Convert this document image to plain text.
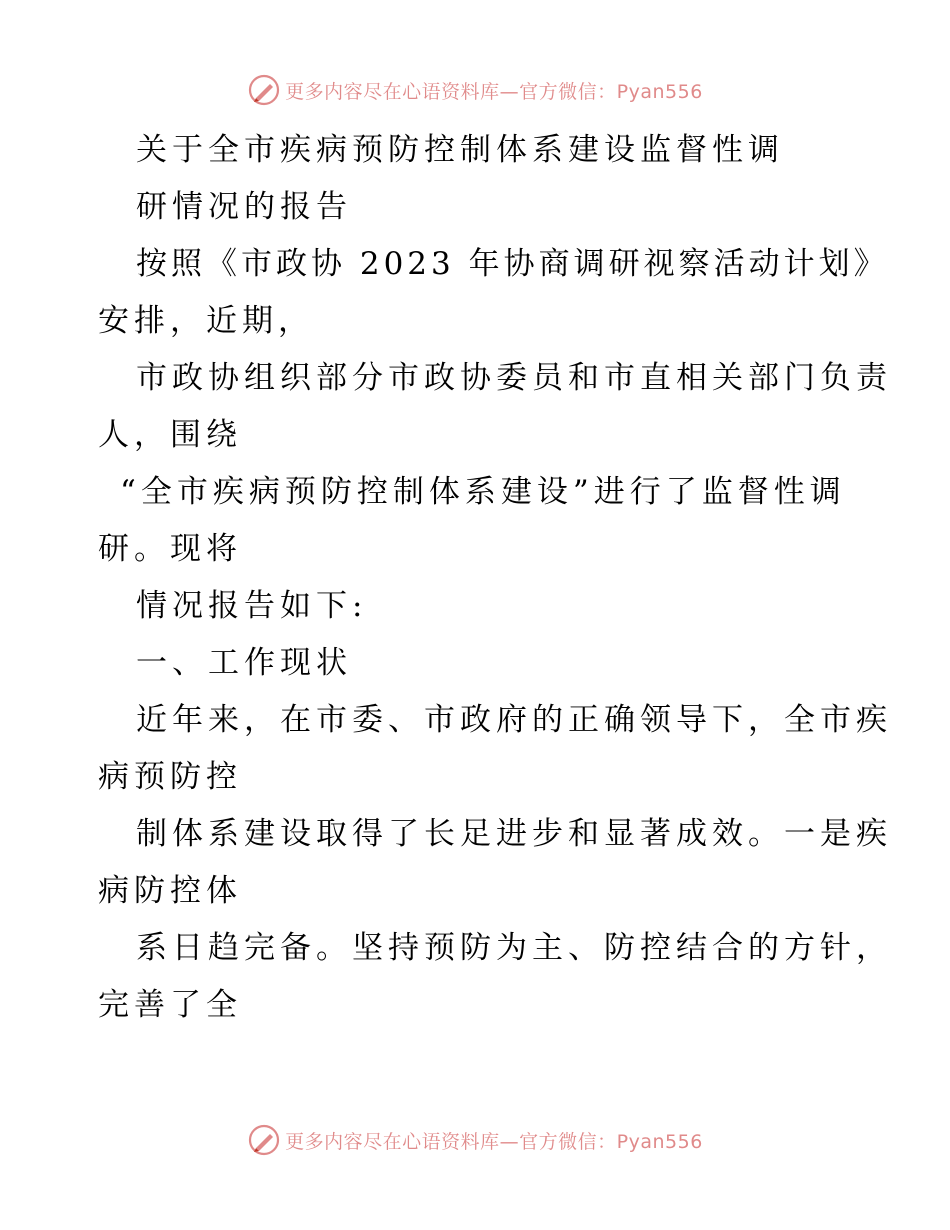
更多内容尽在心语资料库—官方微信：Pyan556
关于全市疾病预防控制体系建设监督性调
研情况的报告
按照《市政协 2023 年协商调研视察活动计划》
安排，近期，
市政协组织部分市政协委员和市直相关部门负责
人，围绕
“全市疾病预防控制体系建设”进行了监督性调
研。现将
情况报告如下:
一、工作现状
近年来，在市委、市政府的正确领导下，全市疾
病预防控
制体系建设取得了长足进步和显著成效。一是疾
病防控体
系日趋完备。坚持预防为主、防控结合的方针，
完善了全
更多内容尽在心语资料库—官方微信：Pyan556
